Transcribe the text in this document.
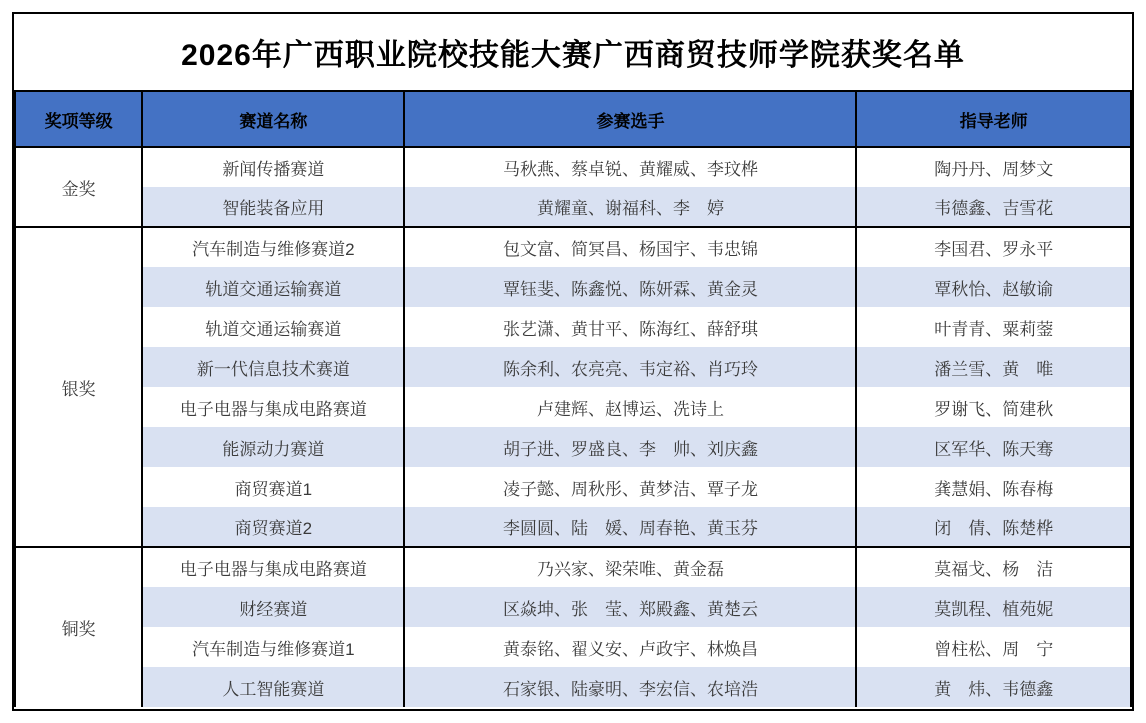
2026年广西职业院校技能大赛广西商贸技师学院获奖名单
奖项等级	赛道名称	参赛选手	指导老师
金奖	新闻传播赛道	马秋燕、蔡卓锐、黄耀威、李玟桦	陶丹丹、周梦文
	智能装备应用	黄耀童、谢福科、李　婷	韦德鑫、吉雪花
银奖	汽车制造与维修赛道2	包文富、简冥昌、杨国宇、韦忠锦	李国君、罗永平
	轨道交通运输赛道	覃钰斐、陈鑫悦、陈妍霖、黄金灵	覃秋怡、赵敏谕
	轨道交通运输赛道	张艺潇、黄甘平、陈海红、薛舒琪	叶青青、粟莉蓥
	新一代信息技术赛道	陈余利、农亮亮、韦定裕、肖巧玲	潘兰雪、黄　唯
	电子电器与集成电路赛道	卢建辉、赵博运、冼诗上	罗谢飞、简建秋
	能源动力赛道	胡子进、罗盛良、李　帅、刘庆鑫	区军华、陈天骞
	商贸赛道1	凌子懿、周秋彤、黄梦洁、覃子龙	龚慧娟、陈春梅
	商贸赛道2	李圆圆、陆　媛、周春艳、黄玉芬	闭　倩、陈楚桦
铜奖	电子电器与集成电路赛道	乃兴家、梁荣唯、黄金磊	莫福戈、杨　洁
	财经赛道	区焱坤、张　莹、郑殿鑫、黄楚云	莫凯程、植苑妮
	汽车制造与维修赛道1	黄泰铭、翟义安、卢政宇、林焕昌	曾柱松、周　宁
	人工智能赛道	石家银、陆豪明、李宏信、农培浩	黄　炜、韦德鑫
